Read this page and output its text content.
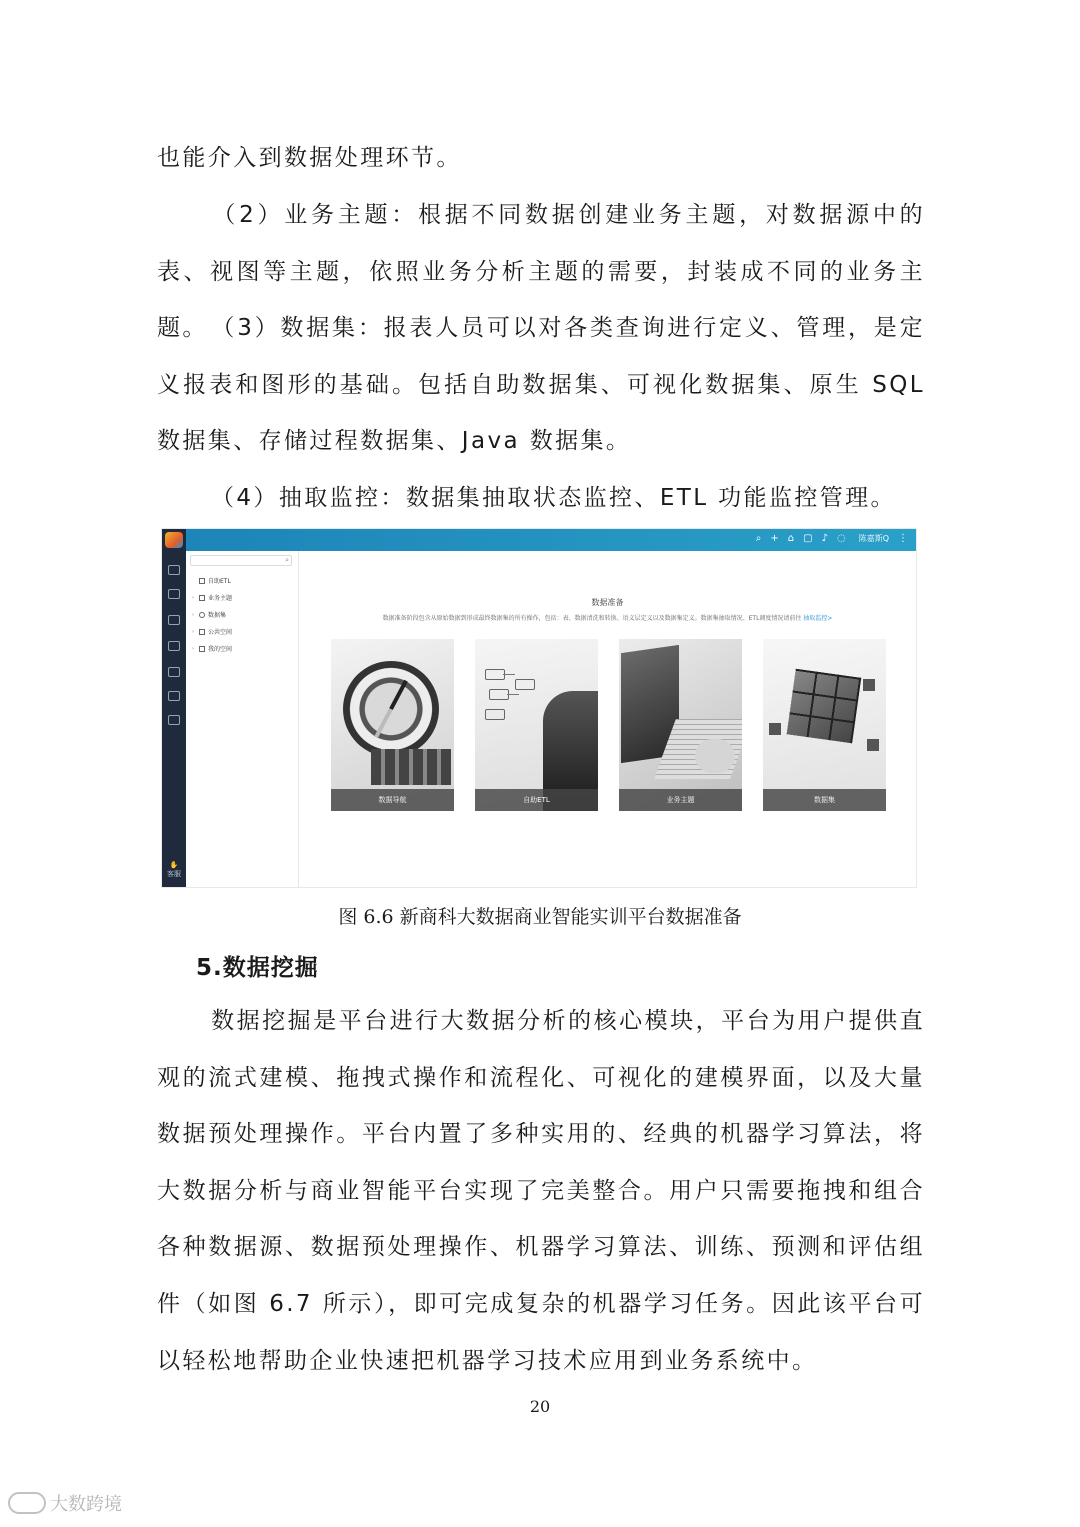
也能介入到数据处理环节。

（2）业务主题：根据不同数据创建业务主题，对数据源中的表、视图等主题，依照业务分析主题的需要，封装成不同的业务主题。 （3）数据集：报表人员可以对各类查询进行定义、管理，是定义报表和图形的基础。包括自助数据集、可视化数据集、原生 SQL 数据集、存储过程数据集、Java 数据集。

（4）抽取监控：数据集抽取状态监控、ETL 功能监控管理。

⌕ + ⌂ ▢ ♪ ◌ 陈嘉斯Q ⋮
✋
客服
⌕
自助ETL
›	业务主题
›	数据集
›	公共空间
›	我的空间
数据准备
数据准备阶段包含从原始数据到形成最终数据集的所有操作，包括：表、数据清洗和转换、语义层定义以及数据集定义。数据集抽取情况、ETL调度情况请前往 抽取监控>
数据导航	自助ETL	业务主题	数据集

图 6.6 新商科大数据商业智能实训平台数据准备

5.数据挖掘

数据挖掘是平台进行大数据分析的核心模块，平台为用户提供直观的流式建模、拖拽式操作和流程化、可视化的建模界面，以及大量数据预处理操作。平台内置了多种实用的、经典的机器学习算法，将大数据分析与商业智能平台实现了完美整合。用户只需要拖拽和组合各种数据源、数据预处理操作、机器学习算法、训练、预测和评估组件（如图 6.7 所示），即可完成复杂的机器学习任务。因此该平台可以轻松地帮助企业快速把机器学习技术应用到业务系统中。

20

大数跨境
